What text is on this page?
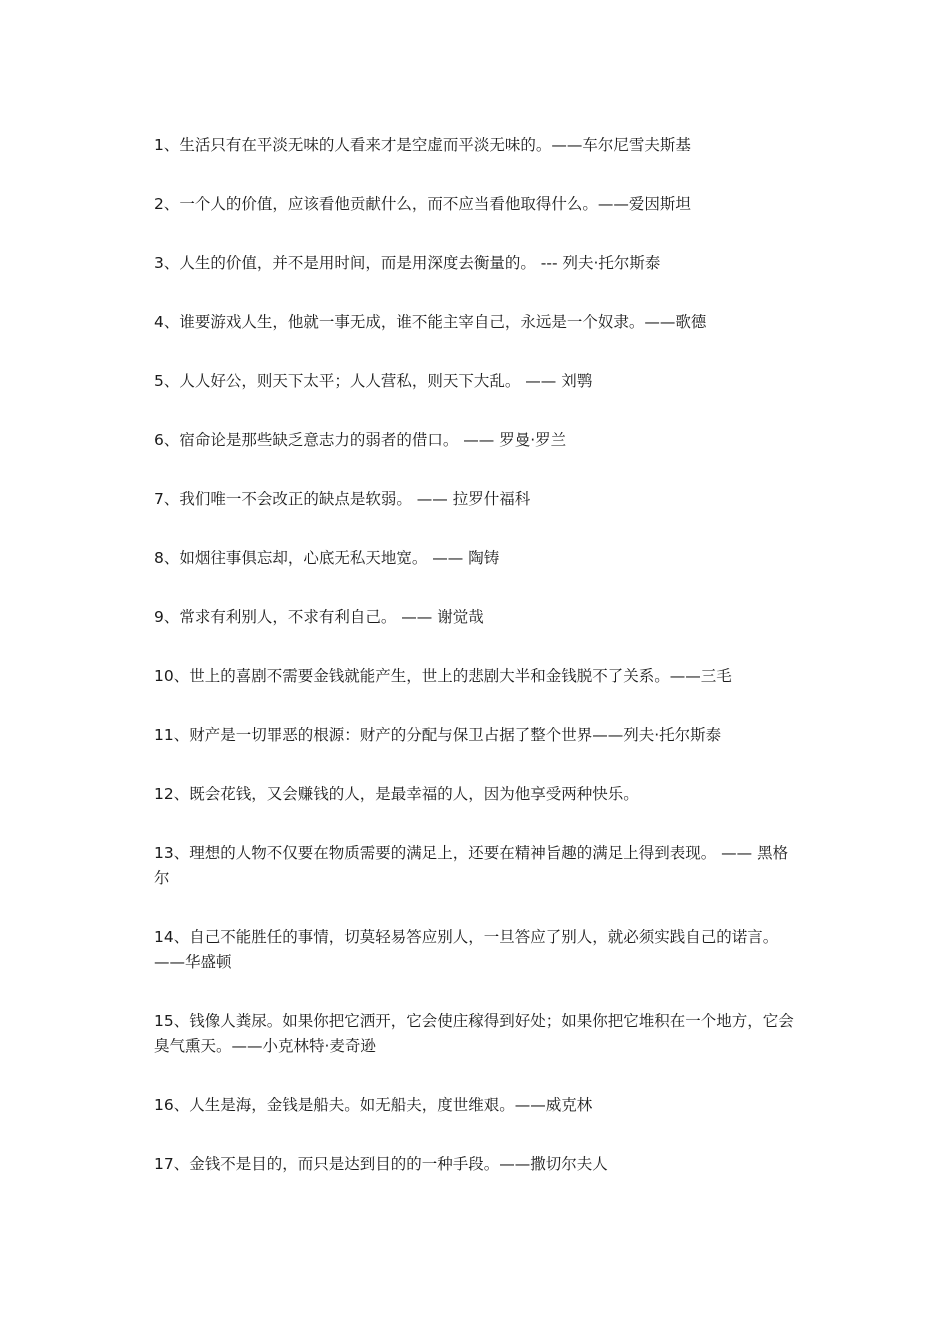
1、生活只有在平淡无味的人看来才是空虚而平淡无味的。——车尔尼雪夫斯基
2、一个人的价值，应该看他贡献什么，而不应当看他取得什么。——爱因斯坦
3、人生的价值，并不是用时间，而是用深度去衡量的。 --- 列夫·托尔斯泰
4、谁要游戏人生，他就一事无成，谁不能主宰自己，永远是一个奴隶。——歌德
5、人人好公，则天下太平；人人营私，则天下大乱。 —— 刘鹗
6、宿命论是那些缺乏意志力的弱者的借口。 —— 罗曼·罗兰
7、我们唯一不会改正的缺点是软弱。 —— 拉罗什福科
8、如烟往事俱忘却，心底无私天地宽。 —— 陶铸
9、常求有利别人，不求有利自己。 —— 谢觉哉
10、世上的喜剧不需要金钱就能产生，世上的悲剧大半和金钱脱不了关系。——三毛
11、财产是一切罪恶的根源：财产的分配与保卫占据了整个世界——列夫·托尔斯泰
12、既会花钱，又会赚钱的人，是最幸福的人，因为他享受两种快乐。
13、理想的人物不仅要在物质需要的满足上，还要在精神旨趣的满足上得到表现。 —— 黑格尔
14、自己不能胜任的事情，切莫轻易答应别人，一旦答应了别人，就必须实践自己的诺言。 ——华盛顿
15、钱像人粪尿。如果你把它洒开，它会使庄稼得到好处；如果你把它堆积在一个地方，它会臭气熏天。——小克林特·麦奇逊
16、人生是海，金钱是船夫。如无船夫，度世维艰。——威克林
17、金钱不是目的，而只是达到目的的一种手段。——撒切尔夫人
